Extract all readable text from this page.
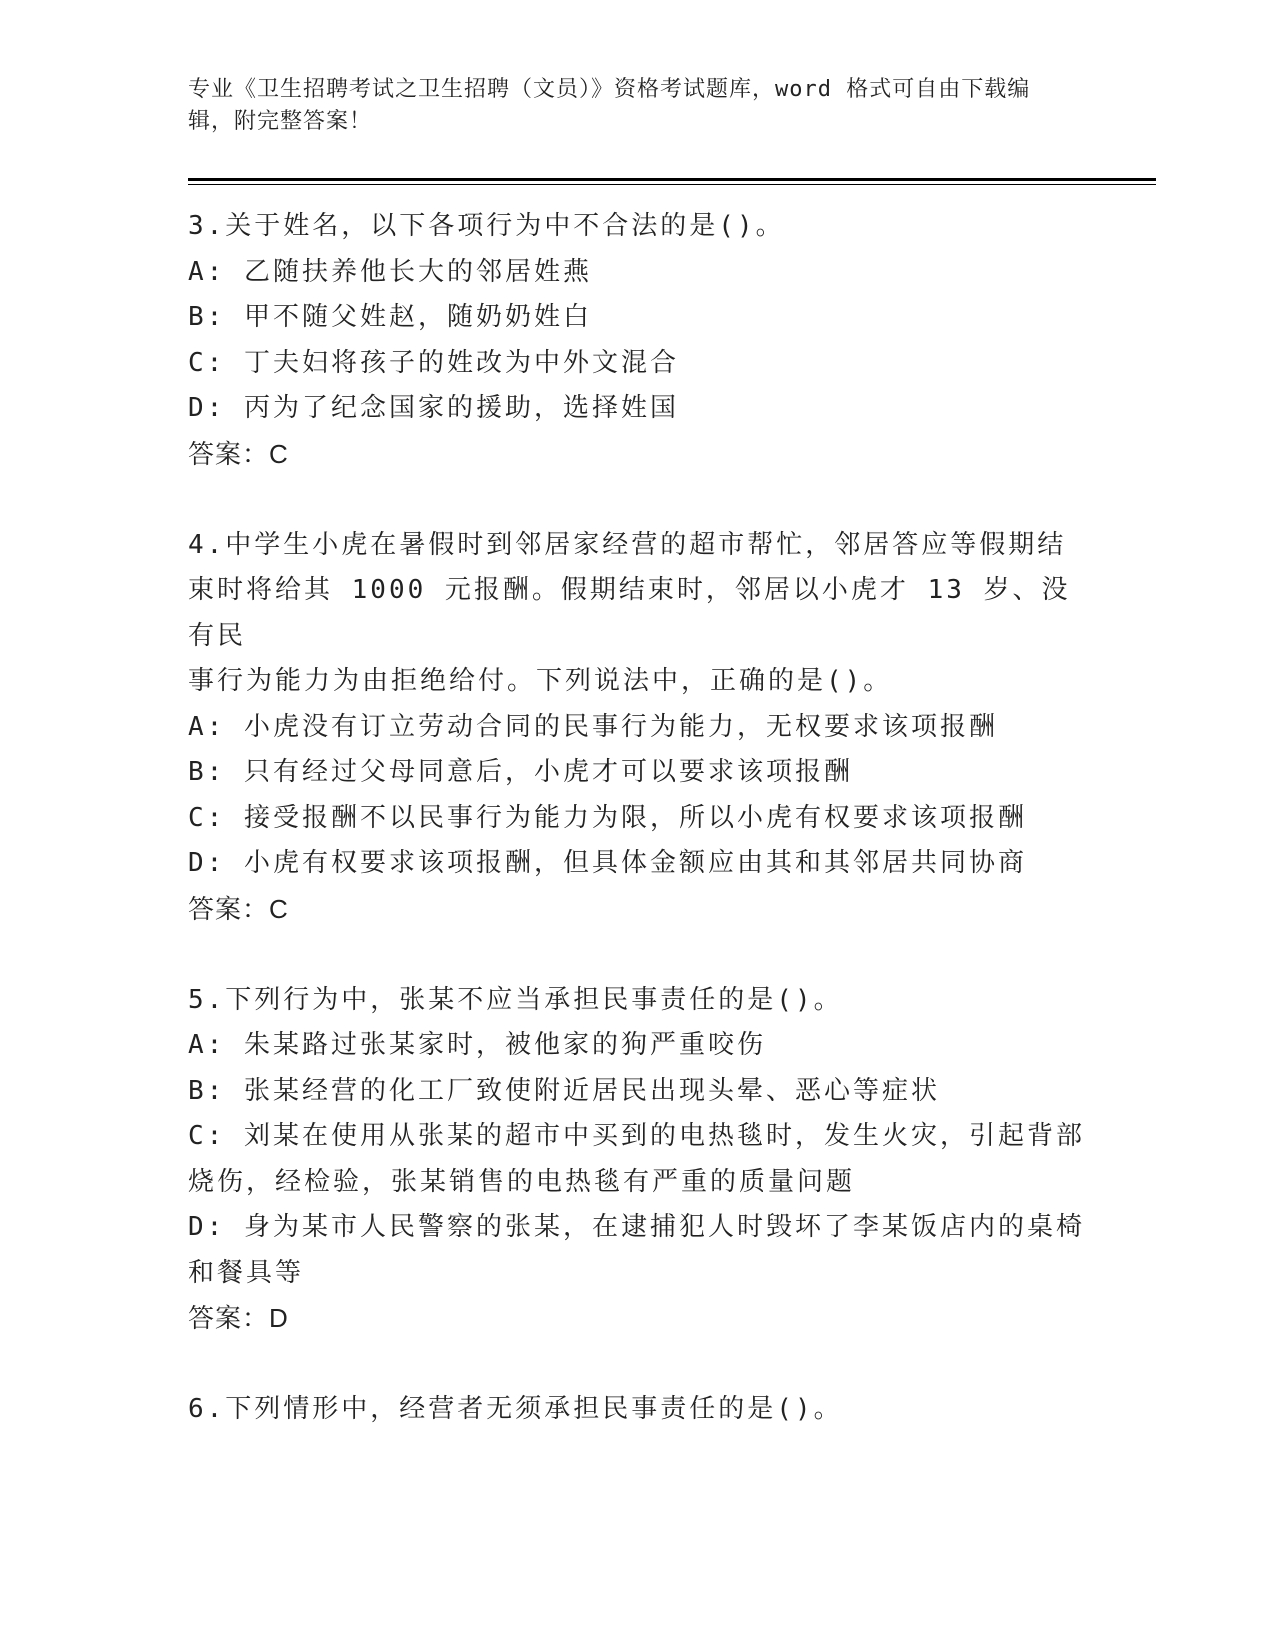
专业《卫生招聘考试之卫生招聘（文员）》资格考试题库，word 格式可自由下载编辑，附完整答案！
3.关于姓名，以下各项行为中不合法的是()。
A: 乙随扶养他长大的邻居姓燕
B: 甲不随父姓赵，随奶奶姓白
C: 丁夫妇将孩子的姓改为中外文混合
D: 丙为了纪念国家的援助，选择姓国
答案：C
4.中学生小虎在暑假时到邻居家经营的超市帮忙，邻居答应等假期结
束时将给其 1000 元报酬。假期结束时，邻居以小虎才 13 岁、没有民
事行为能力为由拒绝给付。下列说法中，正确的是()。
A: 小虎没有订立劳动合同的民事行为能力，无权要求该项报酬
B: 只有经过父母同意后，小虎才可以要求该项报酬
C: 接受报酬不以民事行为能力为限，所以小虎有权要求该项报酬
D: 小虎有权要求该项报酬，但具体金额应由其和其邻居共同协商
答案：C
5.下列行为中，张某不应当承担民事责任的是()。
A: 朱某路过张某家时，被他家的狗严重咬伤
B: 张某经营的化工厂致使附近居民出现头晕、恶心等症状
C: 刘某在使用从张某的超市中买到的电热毯时，发生火灾，引起背部
烧伤，经检验，张某销售的电热毯有严重的质量问题
D: 身为某市人民警察的张某，在逮捕犯人时毁坏了李某饭店内的桌椅
和餐具等
答案：D
6.下列情形中，经营者无须承担民事责任的是()。
